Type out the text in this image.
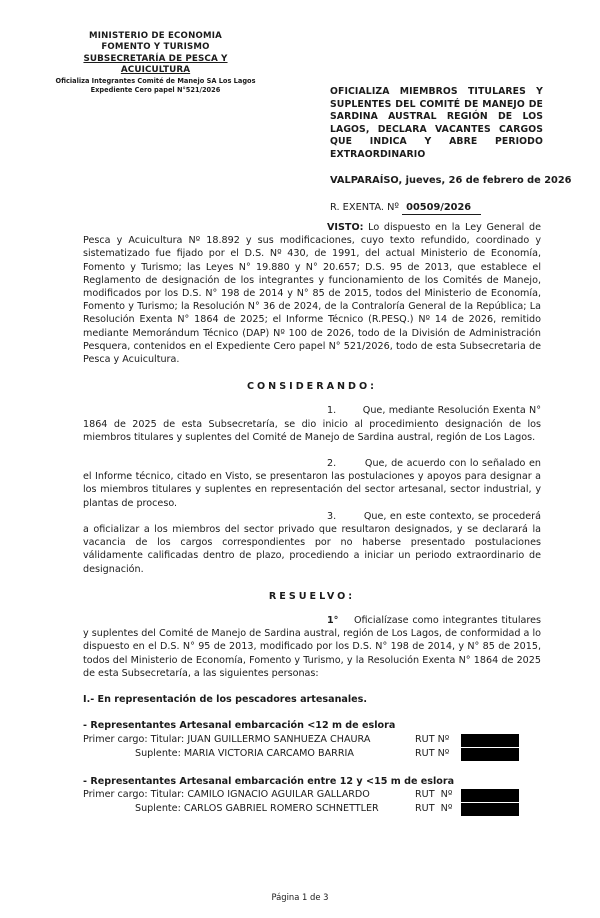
MINISTERIO DE ECONOMIA
FOMENTO Y TURISMO
SUBSECRETARÍA DE PESCA Y ACUICULTURA
Oficializa Integrantes Comité de Manejo SA Los Lagos
Expediente Cero papel N°521/2026	OFICIALIZA MIEMBROS TITULARES Y SUPLENTES DEL COMITÉ DE MANEJO DE SARDINA AUSTRAL REGIÓN DE LOS LAGOS, DECLARA VACANTES CARGOS QUE INDICA Y ABRE PERIODO EXTRAORDINARIO
VALPARAÍSO, jueves, 26 de febrero de 2026
R. EXENTA. Nº 00509/2026

VISTO: Lo dispuesto en la Ley General de Pesca y Acuicultura Nº 18.892 y sus modificaciones, cuyo texto refundido, coordinado y sistematizado fue fijado por el D.S. Nº 430, de 1991, del actual Ministerio de Economía, Fomento y Turismo; las Leyes N° 19.880 y N° 20.657; D.S. 95 de 2013, que establece el Reglamento de designación de los integrantes y funcionamiento de los Comités de Manejo, modificados por los D.S. N° 198 de 2014 y N° 85 de 2015, todos del Ministerio de Economía, Fomento y Turismo; la Resolución N° 36 de 2024, de la Contraloría General de la República; La Resolución Exenta N° 1864 de 2025; el Informe Técnico (R.PESQ.) Nº 14 de 2026, remitido mediante Memorándum Técnico (DAP) Nº 100 de 2026, todo de la División de Administración Pesquera, contenidos en el Expediente Cero papel N° 521/2026, todo de esta Subsecretaria de Pesca y Acuicultura.

CONSIDERANDO:

1.        Que, mediante Resolución Exenta N° 1864 de 2025 de esta Subsecretaría, se dio inicio al procedimiento designación de los miembros titulares y suplentes del Comité de Manejo de Sardina austral, región de Los Lagos.

2.        Que, de acuerdo con lo señalado en el Informe técnico, citado en Visto, se presentaron las postulaciones y apoyos para designar a los miembros titulares y suplentes en representación del sector artesanal, sector industrial, y plantas de proceso.

3.        Que, en este contexto, se procederá a oficializar a los miembros del sector privado que resultaron designados, y se declarará la vacancia de los cargos correspondientes por no haberse presentado postulaciones válidamente calificadas dentro de plazo, procediendo a iniciar un periodo extraordinario de designación.

RESUELVO:

1°    Oficialízase como integrantes titulares y suplentes del Comité de Manejo de Sardina austral, región de Los Lagos, de conformidad a lo dispuesto en el D.S. N° 95 de 2013, modificado por los D.S. N° 198 de 2014, y N° 85 de 2015, todos del Ministerio de Economía, Fomento y Turismo, y la Resolución Exenta N° 1864 de 2025 de esta Subsecretaría, a las siguientes personas:

I.- En representación de los pescadores artesanales.

- Representantes Artesanal embarcación <12 m de eslora
Primer cargo: Titular: JUAN GUILLERMO SANHUEZA CHAURA	RUT Nº
Suplente: MARIA VICTORIA CARCAMO BARRIA	RUT Nº
- Representantes Artesanal embarcación entre 12 y <15 m de eslora
Primer cargo: Titular: CAMILO IGNACIO AGUILAR GALLARDO	RUT  Nº
Suplente: CARLOS GABRIEL ROMERO SCHNETTLER	RUT  Nº
Página 1 de 3
